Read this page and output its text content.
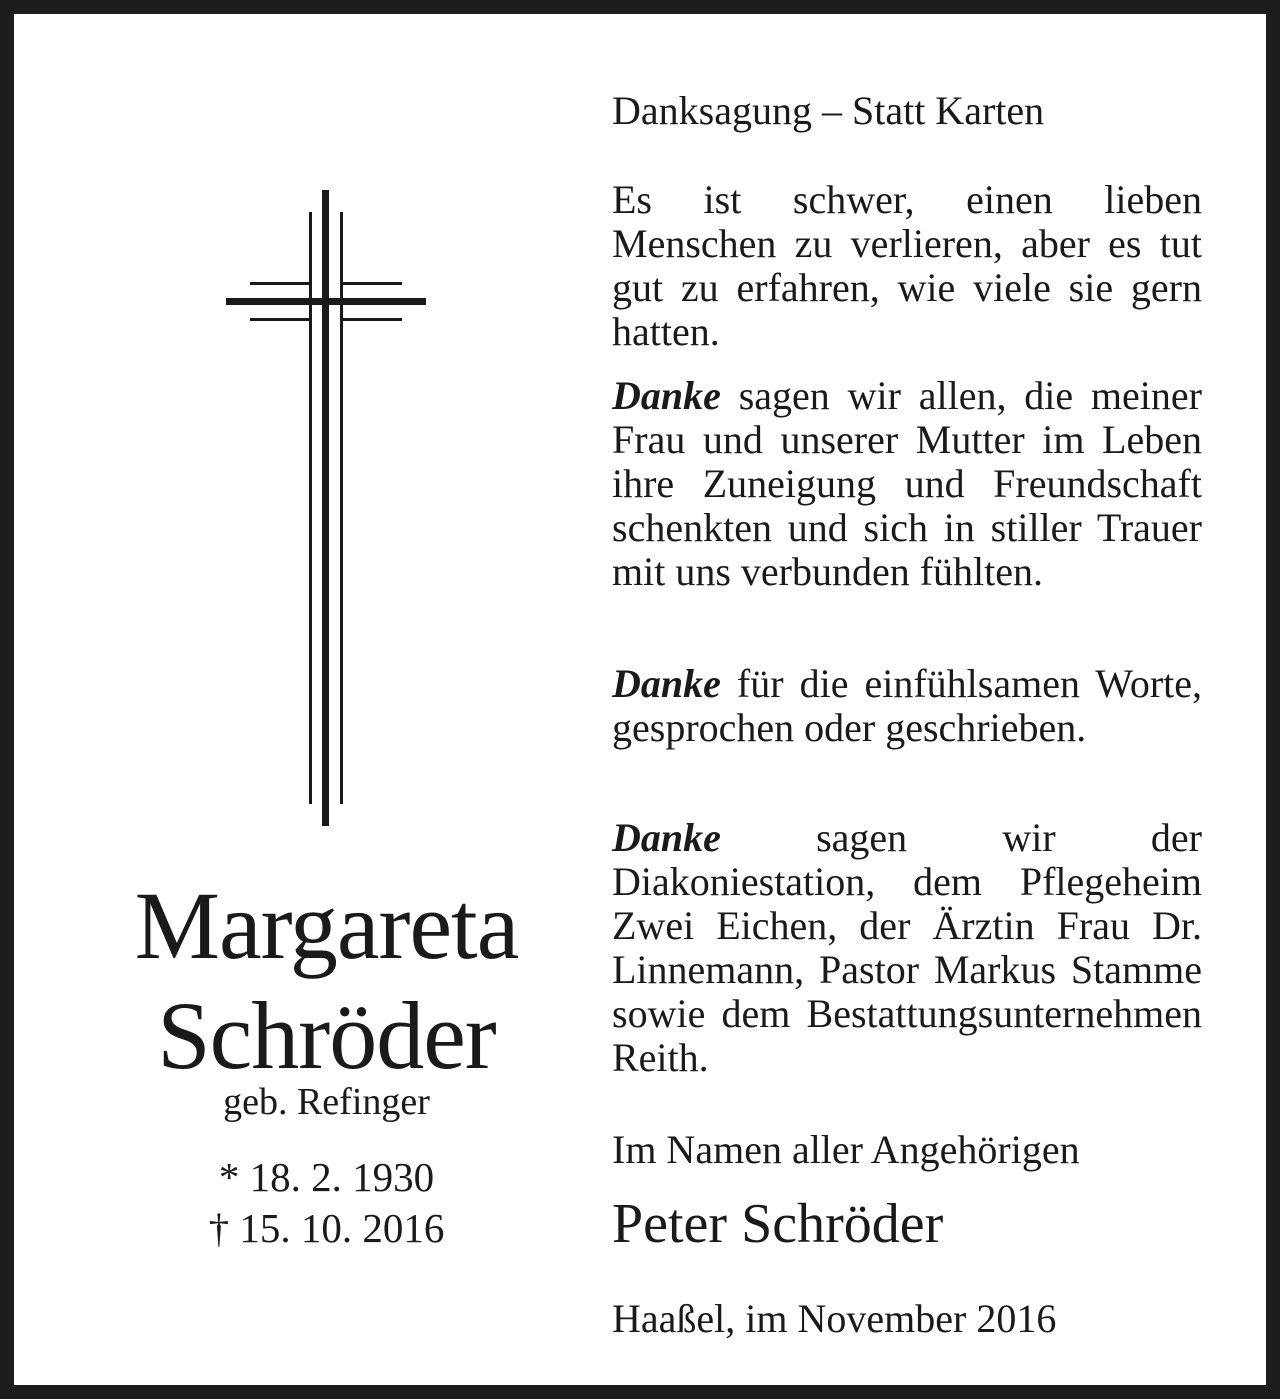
Margareta
Schröder
geb. Refinger
* 18. 2. 1930
† 15. 10. 2016
Danksagung – Statt Karten

Es ist schwer, einen lieben Menschen zu verlieren, aber es tut gut zu erfahren, wie viele sie gern hatten.

Danke sagen wir allen, die meiner Frau und unserer Mutter im Leben ihre Zuneigung und Freundschaft schenkten und sich in stiller Trauer mit uns verbunden fühlten.

Danke für die einfühlsamen Worte, gesprochen oder geschrieben.

Danke sagen wir der Diakoniestation, dem Pflegeheim Zwei Eichen, der Ärztin Frau Dr. Linnemann, Pastor Markus Stamme sowie dem Bestattungsunternehmen Reith.

Im Namen aller Angehörigen
Peter Schröder
Haaßel, im November 2016
